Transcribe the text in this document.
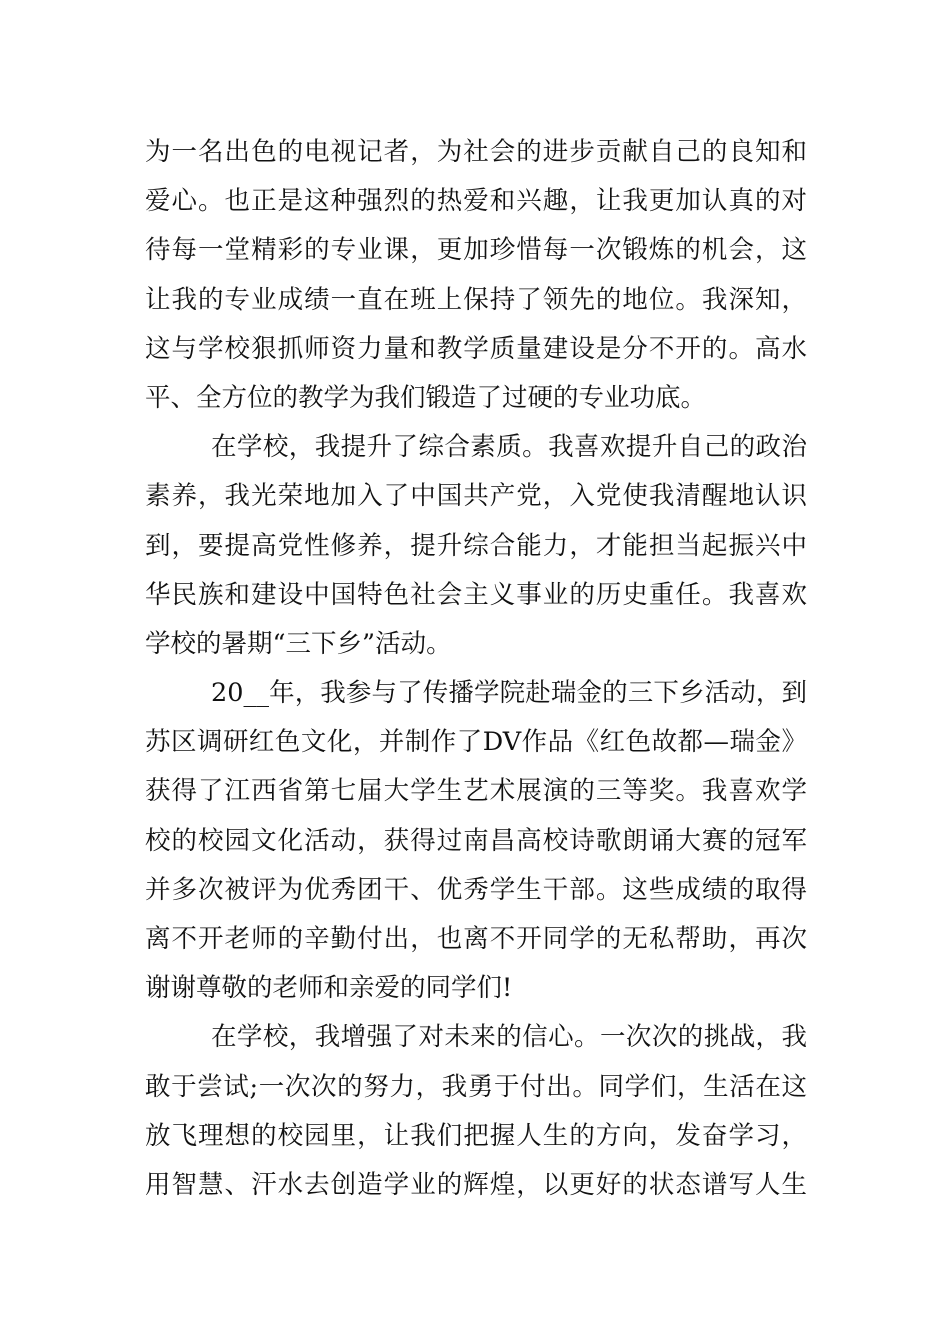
为一名出色的电视记者，为社会的进步贡献自己的良知和
爱心。也正是这种强烈的热爱和兴趣，让我更加认真的对
待每一堂精彩的专业课，更加珍惜每一次锻炼的机会，这
让我的专业成绩一直在班上保持了领先的地位。我深知，
这与学校狠抓师资力量和教学质量建设是分不开的。高水
平、全方位的教学为我们锻造了过硬的专业功底。
在学校，我提升了综合素质。我喜欢提升自己的政治
素养，我光荣地加入了中国共产党，入党使我清醒地认识
到，要提高党性修养，提升综合能力，才能担当起振兴中
华民族和建设中国特色社会主义事业的历史重任。我喜欢
学校的暑期“三下乡”活动。
20__年，我参与了传播学院赴瑞金的三下乡活动，到
苏区调研红色文化，并制作了DV作品《红色故都—瑞金》
获得了江西省第七届大学生艺术展演的三等奖。我喜欢学
校的校园文化活动，获得过南昌高校诗歌朗诵大赛的冠军
并多次被评为优秀团干、优秀学生干部。这些成绩的取得
离不开老师的辛勤付出，也离不开同学的无私帮助，再次
谢谢尊敬的老师和亲爱的同学们!
在学校，我增强了对未来的信心。一次次的挑战，我
敢于尝试;一次次的努力，我勇于付出。同学们，生活在这
放飞理想的校园里，让我们把握人生的方向，发奋学习，
用智慧、汗水去创造学业的辉煌，以更好的状态谱写人生
